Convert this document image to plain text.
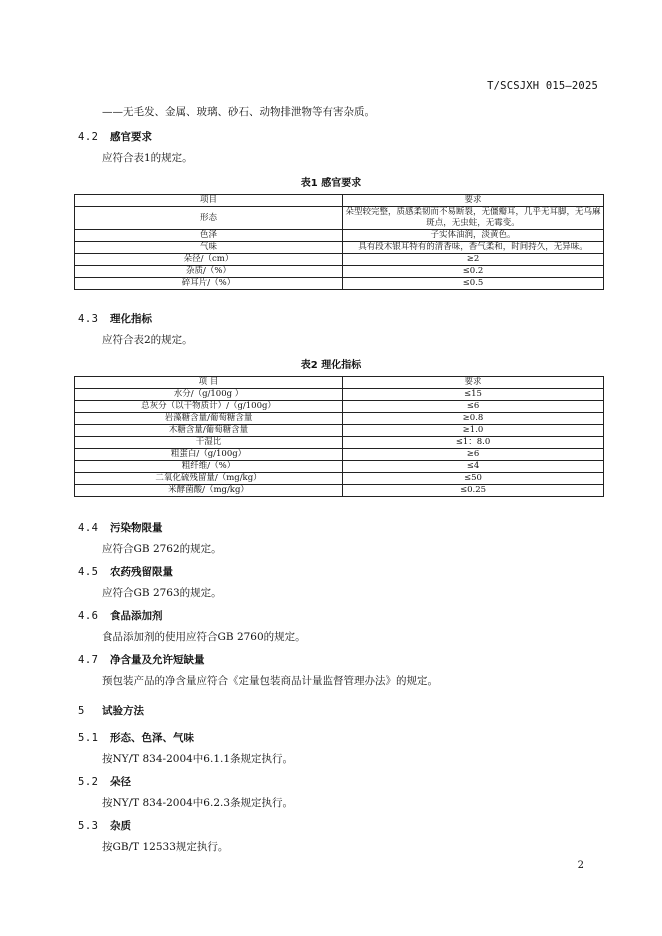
T/SCSJXH 015—2025
——无毛发、金属、玻璃、砂石、动物排泄物等有害杂质。
4.2 感官要求
应符合表1的规定。
表1 感官要求
项目	要求
形态	朵型较完整，质感柔韧而不易断裂，无僵瓣耳，几乎无耳脚，无乌麻斑点，无虫蛀，无霉变。
色泽	子实体油润，淡黄色。
气味	具有段木银耳特有的清香味，香气柔和，时间持久，无异味。
朵径/（cm）	≥2
杂质/（%）	≤0.2
碎耳片/（%）	≤0.5
4.3 理化指标
应符合表2的规定。
表2 理化指标
项 目	要求
水分/（g/100g ）	≤15
总灰分（以干物质计）/（g/100g）	≤6
岩藻糖含量/葡萄糖含量	≥0.8
木糖含量/葡萄糖含量	≥1.0
干湿比	≤1：8.0
粗蛋白/（g/100g）	≥6
粗纤维/（%）	≤4
二氧化硫残留量/（mg/kg）	≤50
米酵菌酸/（mg/kg）	≤0.25
4.4 污染物限量
应符合GB 2762的规定。
4.5 农药残留限量
应符合GB 2763的规定。
4.6 食品添加剂
食品添加剂的使用应符合GB 2760的规定。
4.7 净含量及允许短缺量
预包装产品的净含量应符合《定量包装商品计量监督管理办法》的规定。
5 试验方法
5.1 形态、色泽、气味
按NY/T 834-2004中6.1.1条规定执行。
5.2 朵径
按NY/T 834-2004中6.2.3条规定执行。
5.3 杂质
按GB/T 12533规定执行。
2
